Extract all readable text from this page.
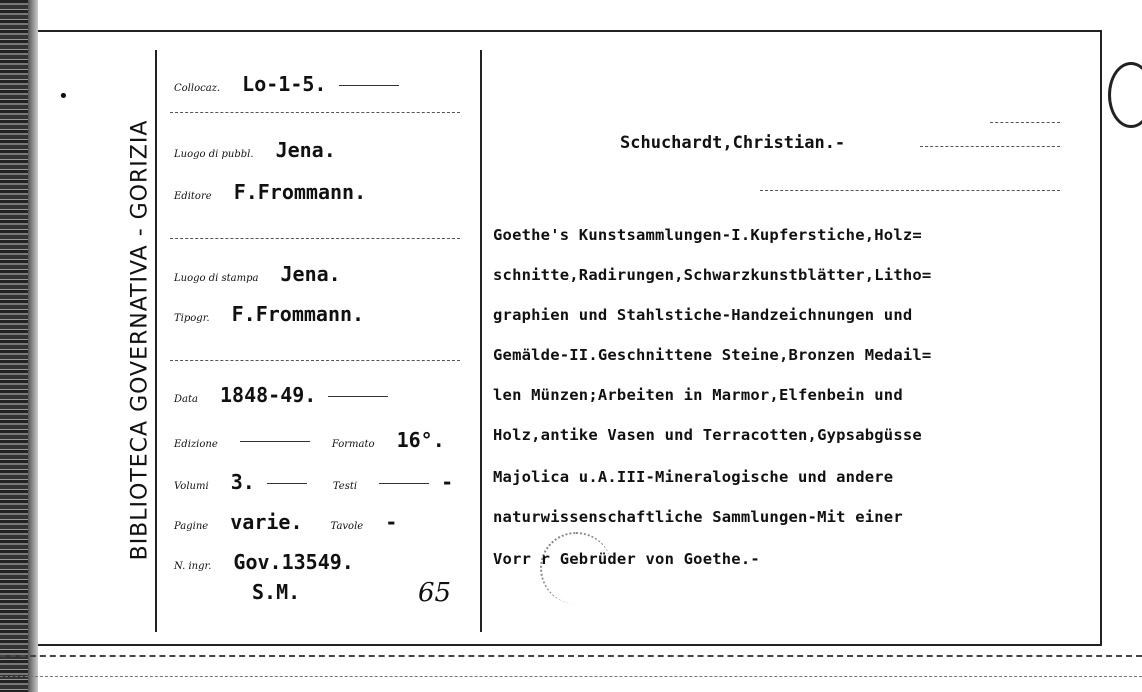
•
BIBLIOTECA GOVERNATIVA - GORIZIA
Collocaz. Lo-1-5.
Luogo di pubbl. Jena.
Editore F.Frommann.
Luogo di stampa Jena.
Tipogr. F.Frommann.
Data 1848-49.
Edizione	Formato 16°.
Volumi 3.	Testi	-
Pagine varie.	Tavole -
N. ingr. Gov.13549.
S.M.	65
Schuchardt,Christian.-
Goethe's Kunstsammlungen-I.Kupferstiche,Holz=
schnitte,Radirungen,Schwarzkunstblätter,Litho=
graphien und Stahlstiche-Handzeichnungen und
Gemälde-II.Geschnittene Steine,Bronzen Medail=
len Münzen;Arbeiten in Marmor,Elfenbein und
Holz,antike Vasen und Terracotten,Gypsabgüsse
Majolica u.A.III-Mineralogische und andere
naturwissenschaftliche Sammlungen-Mit einer
Vorr r Gebrüder von Goethe.-
